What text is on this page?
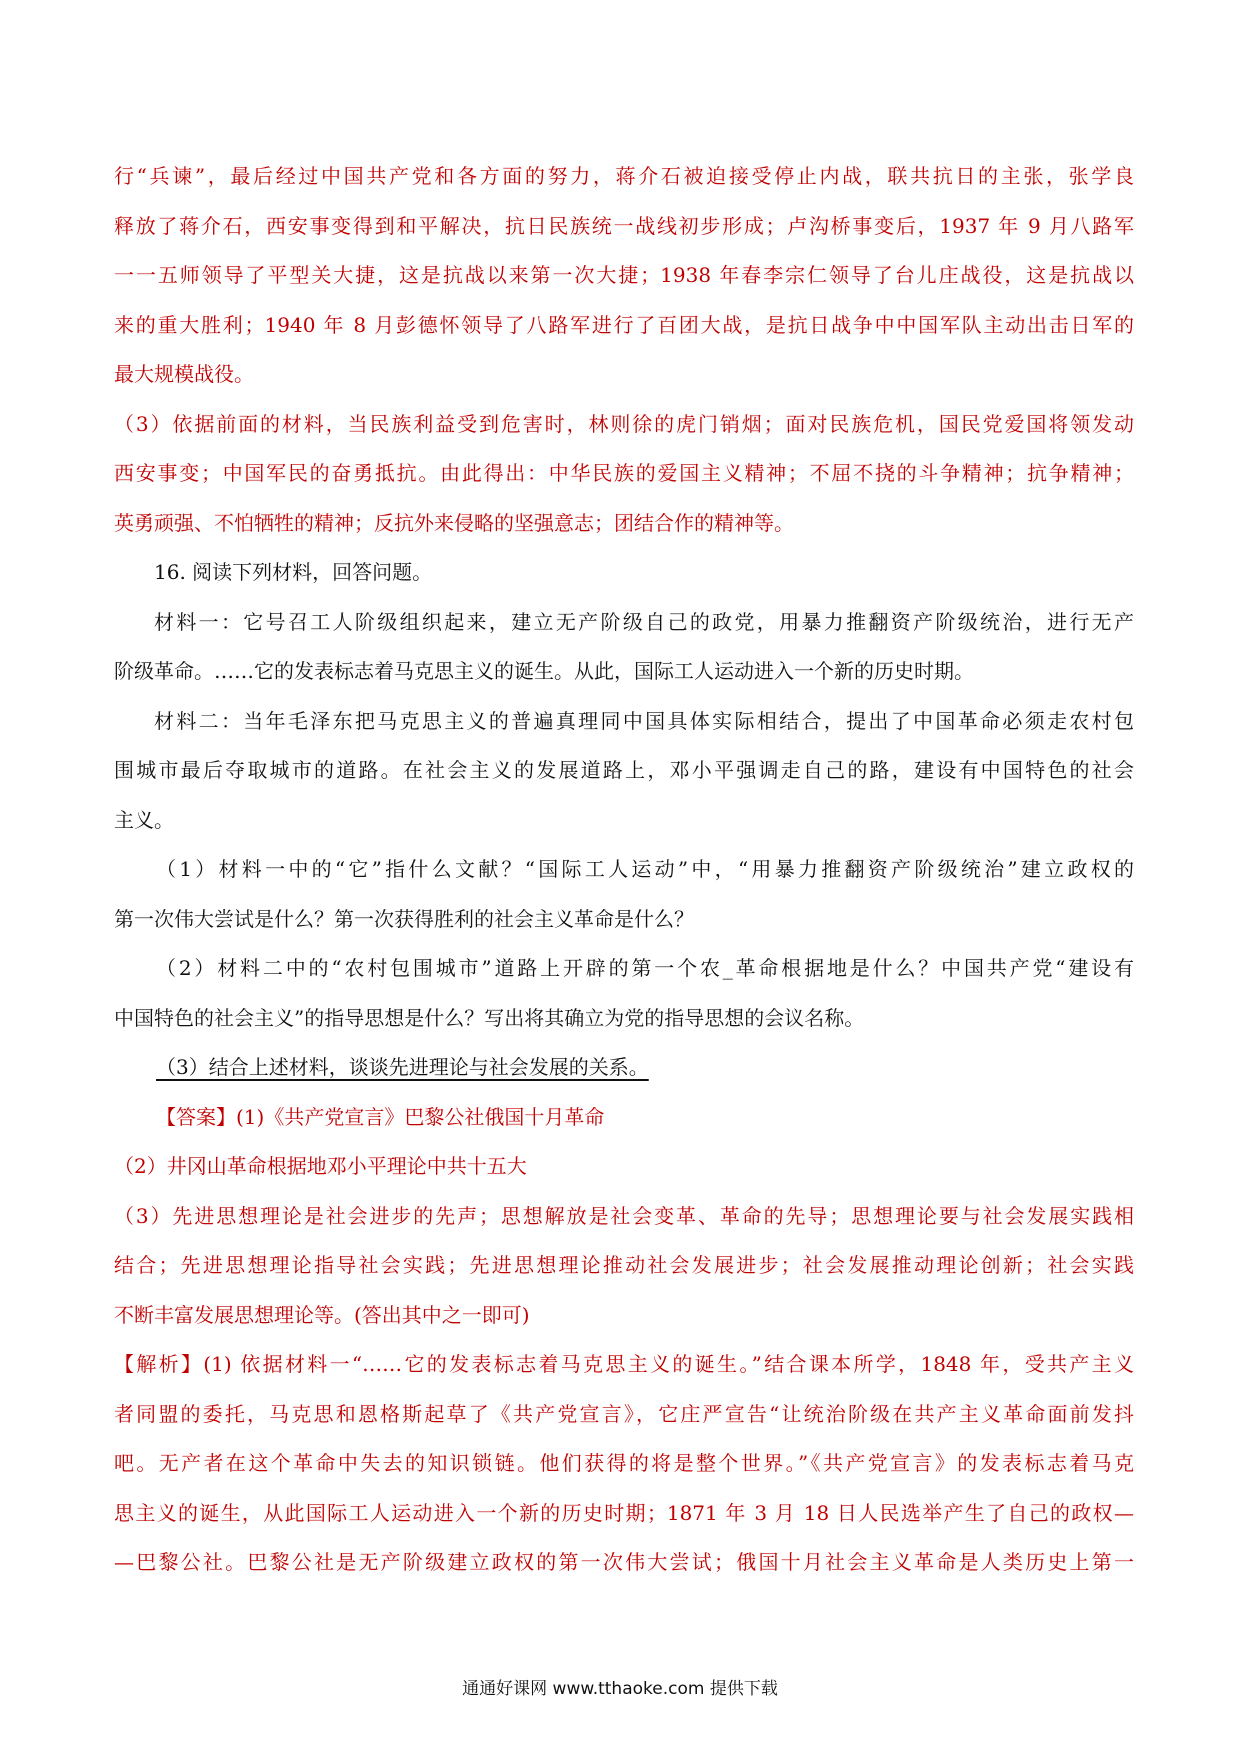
行“兵谏”，最后经过中国共产党和各方面的努力，蒋介石被迫接受停止内战，联共抗日的主张，张学良
释放了蒋介石，西安事变得到和平解决，抗日民族统一战线初步形成；卢沟桥事变后，1937 年 9 月八路军
一一五师领导了平型关大捷，这是抗战以来第一次大捷；1938 年春李宗仁领导了台儿庄战役，这是抗战以
来的重大胜利；1940 年 8 月彭德怀领导了八路军进行了百团大战，是抗日战争中中国军队主动出击日军的
最大规模战役。
（3）依据前面的材料，当民族利益受到危害时，林则徐的虎门销烟；面对民族危机，国民党爱国将领发动
西安事变；中国军民的奋勇抵抗。由此得出：中华民族的爱国主义精神；不屈不挠的斗争精神；抗争精神；
英勇顽强、不怕牺牲的精神；反抗外来侵略的坚强意志；团结合作的精神等。
16. 阅读下列材料，回答问题。
材料一：它号召工人阶级组织起来，建立无产阶级自己的政党，用暴力推翻资产阶级统治，进行无产
阶级革命。……它的发表标志着马克思主义的诞生。从此，国际工人运动进入一个新的历史时期。
材料二：当年毛泽东把马克思主义的普遍真理同中国具体实际相结合，提出了中国革命必须走农村包
围城市最后夺取城市的道路。在社会主义的发展道路上，邓小平强调走自己的路，建设有中国特色的社会
主义。
（1）材料一中的“它”指什么文献？“国际工人运动”中，“用暴力推翻资产阶级统治”建立政权的
第一次伟大尝试是什么？第一次获得胜利的社会主义革命是什么？
（2）材料二中的“农村包围城市”道路上开辟的第一个农_革命根据地是什么？中国共产党“建设有
中国特色的社会主义”的指导思想是什么？写出将其确立为党的指导思想的会议名称。
（3）结合上述材料，谈谈先进理论与社会发展的关系。
【答案】(1)《共产党宣言》巴黎公社俄国十月革命
（2）井冈山革命根据地邓小平理论中共十五大
（3）先进思想理论是社会进步的先声；思想解放是社会变革、革命的先导；思想理论要与社会发展实践相
结合；先进思想理论指导社会实践；先进思想理论推动社会发展进步；社会发展推动理论创新；社会实践
不断丰富发展思想理论等。(答出其中之一即可)
【解析】(1) 依据材料一“……它的发表标志着马克思主义的诞生。”结合课本所学，1848 年，受共产主义
者同盟的委托，马克思和恩格斯起草了《共产党宣言》，它庄严宣告“让统治阶级在共产主义革命面前发抖
吧。无产者在这个革命中失去的知识锁链。他们获得的将是整个世界。”《共产党宣言》的发表标志着马克
思主义的诞生，从此国际工人运动进入一个新的历史时期；1871 年 3 月 18 日人民选举产生了自己的政权—
—巴黎公社。巴黎公社是无产阶级建立政权的第一次伟大尝试；俄国十月社会主义革命是人类历史上第一
通通好课网 www.tthaoke.com 提供下载
